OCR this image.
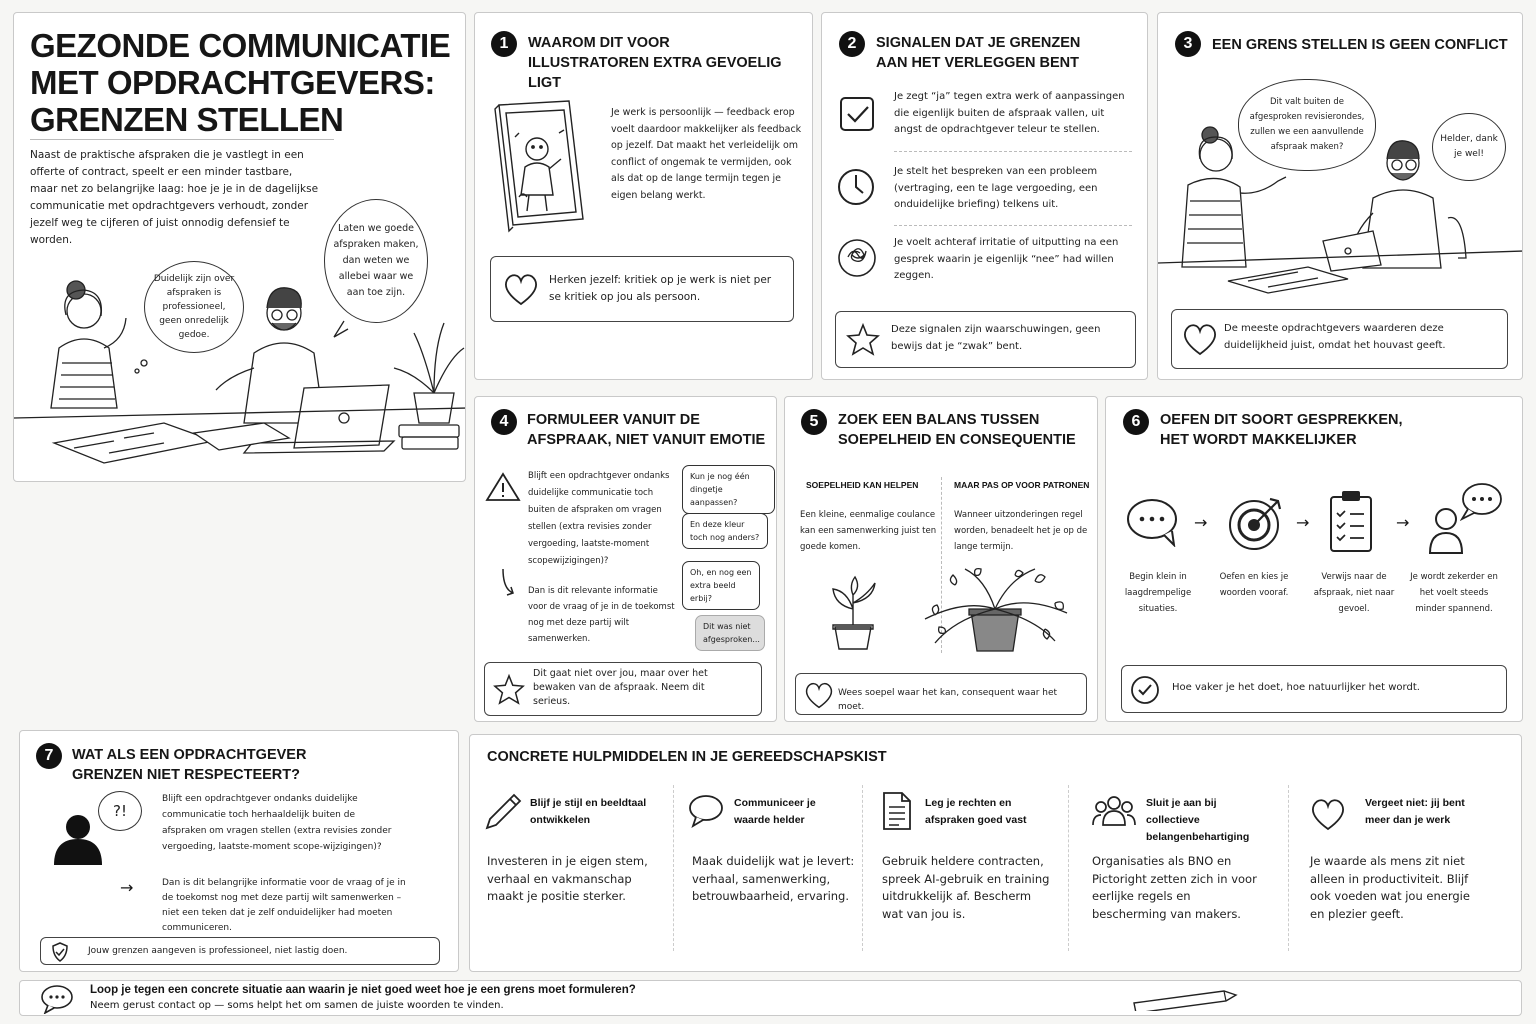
GEZONDE COMMUNICATIE
MET OPDRACHTGEVERS:
GRENZEN STELLEN
Naast de praktische afspraken die je vastlegt in een offerte of contract, speelt er een minder tastbare, maar net zo belangrijke laag: hoe je je in de dagelijkse communicatie met opdrachtgevers verhoudt, zonder jezelf weg te cijferen of juist onnodig defensief te worden.
Duidelijk zijn over afspraken is professioneel, geen onredelijk gedoe.
Laten we goede afspraken maken, dan weten we allebei waar we aan toe zijn.
1	WAAROM DIT VOOR ILLUSTRATOREN EXTRA GEVOELIG LIGT
Je werk is persoonlijk — feedback erop voelt daardoor makkelijker als feedback op jezelf. Dat maakt het verleidelijk om conflict of ongemak te vermijden, ook als dat op de lange termijn tegen je eigen belang werkt.
Herken jezelf: kritiek op je werk is niet per se kritiek op jou als persoon.
2	SIGNALEN DAT JE GRENZEN AAN HET VERLEGGEN BENT
Je zegt “ja” tegen extra werk of aanpassingen die eigenlijk buiten de afspraak vallen, uit angst de opdrachtgever teleur te stellen.
Je stelt het bespreken van een probleem (vertraging, een te lage vergoeding, een onduidelijke briefing) telkens uit.
Je voelt achteraf irritatie of uitputting na een gesprek waarin je eigenlijk “nee” had willen zeggen.
Deze signalen zijn waarschuwingen, geen bewijs dat je “zwak” bent.
3	EEN GRENS STELLEN IS GEEN CONFLICT
Dit valt buiten de afgesproken revisierondes, zullen we een aanvullende afspraak maken?
Helder, dank je wel!
De meeste opdrachtgevers waarderen deze duidelijkheid juist, omdat het houvast geeft.
4	FORMULEER VANUIT DE AFSPRAAK, NIET VANUIT EMOTIE
Blijft een opdrachtgever ondanks duidelijke communicatie toch buiten de afspraken om vragen stellen (extra revisies zonder vergoeding, laatste-moment scopewijzigingen)?
Dan is dit relevante informatie voor de vraag of je in de toekomst nog met deze partij wilt samenwerken.
Kun je nog één dingetje aanpassen?
En deze kleur toch nog anders?
Oh, en nog een extra beeld erbij?
Dit was niet afgesproken...
Dit gaat niet over jou, maar over het bewaken van de afspraak. Neem dit serieus.
5	ZOEK EEN BALANS TUSSEN SOEPELHEID EN CONSEQUENTIE
SOEPELHEID KAN HELPEN
Een kleine, eenmalige coulance kan een samenwerking juist ten goede komen.
MAAR PAS OP VOOR PATRONEN
Wanneer uitzonderingen regel worden, benadeelt het je op de lange termijn.
Wees soepel waar het kan, consequent waar het moet.
6	OEFEN DIT SOORT GESPREKKEN, HET WORDT MAKKELIJKER
→	→	→
Begin klein in laagdrempelige situaties.
Oefen en kies je woorden vooraf.
Verwijs naar de afspraak, niet naar gevoel.
Je wordt zekerder en het voelt steeds minder spannend.
Hoe vaker je het doet, hoe natuurlijker het wordt.
7	WAT ALS EEN OPDRACHTGEVER GRENZEN NIET RESPECTEERT?
?!
Blijft een opdrachtgever ondanks duidelijke communicatie toch herhaaldelijk buiten de afspraken om vragen stellen (extra revisies zonder vergoeding, laatste-moment scope-wijzigingen)?
→	Dan is dit belangrijke informatie voor de vraag of je in de toekomst nog met deze partij wilt samenwerken – niet een teken dat je zelf onduidelijker had moeten communiceren.
Jouw grenzen aangeven is professioneel, niet lastig doen.
CONCRETE HULPMIDDELEN IN JE GEREEDSCHAPSKIST
Blijf je stijl en beeldtaal ontwikkelen
Investeren in je eigen stem, verhaal en vakmanschap maakt je positie sterker.
Communiceer je waarde helder
Maak duidelijk wat je levert: verhaal, samenwerking, betrouwbaarheid, ervaring.
Leg je rechten en afspraken goed vast
Gebruik heldere contracten, spreek AI-gebruik en training uitdrukkelijk af. Bescherm wat van jou is.
Sluit je aan bij collectieve belangenbehartiging
Organisaties als BNO en Pictoright zetten zich in voor eerlijke regels en bescherming van makers.
Vergeet niet: jij bent meer dan je werk
Je waarde als mens zit niet alleen in productiviteit. Blijf ook voeden wat jou energie en plezier geeft.
Loop je tegen een concrete situatie aan waarin je niet goed weet hoe je een grens moet formuleren?
Neem gerust contact op — soms helpt het om samen de juiste woorden te vinden.
